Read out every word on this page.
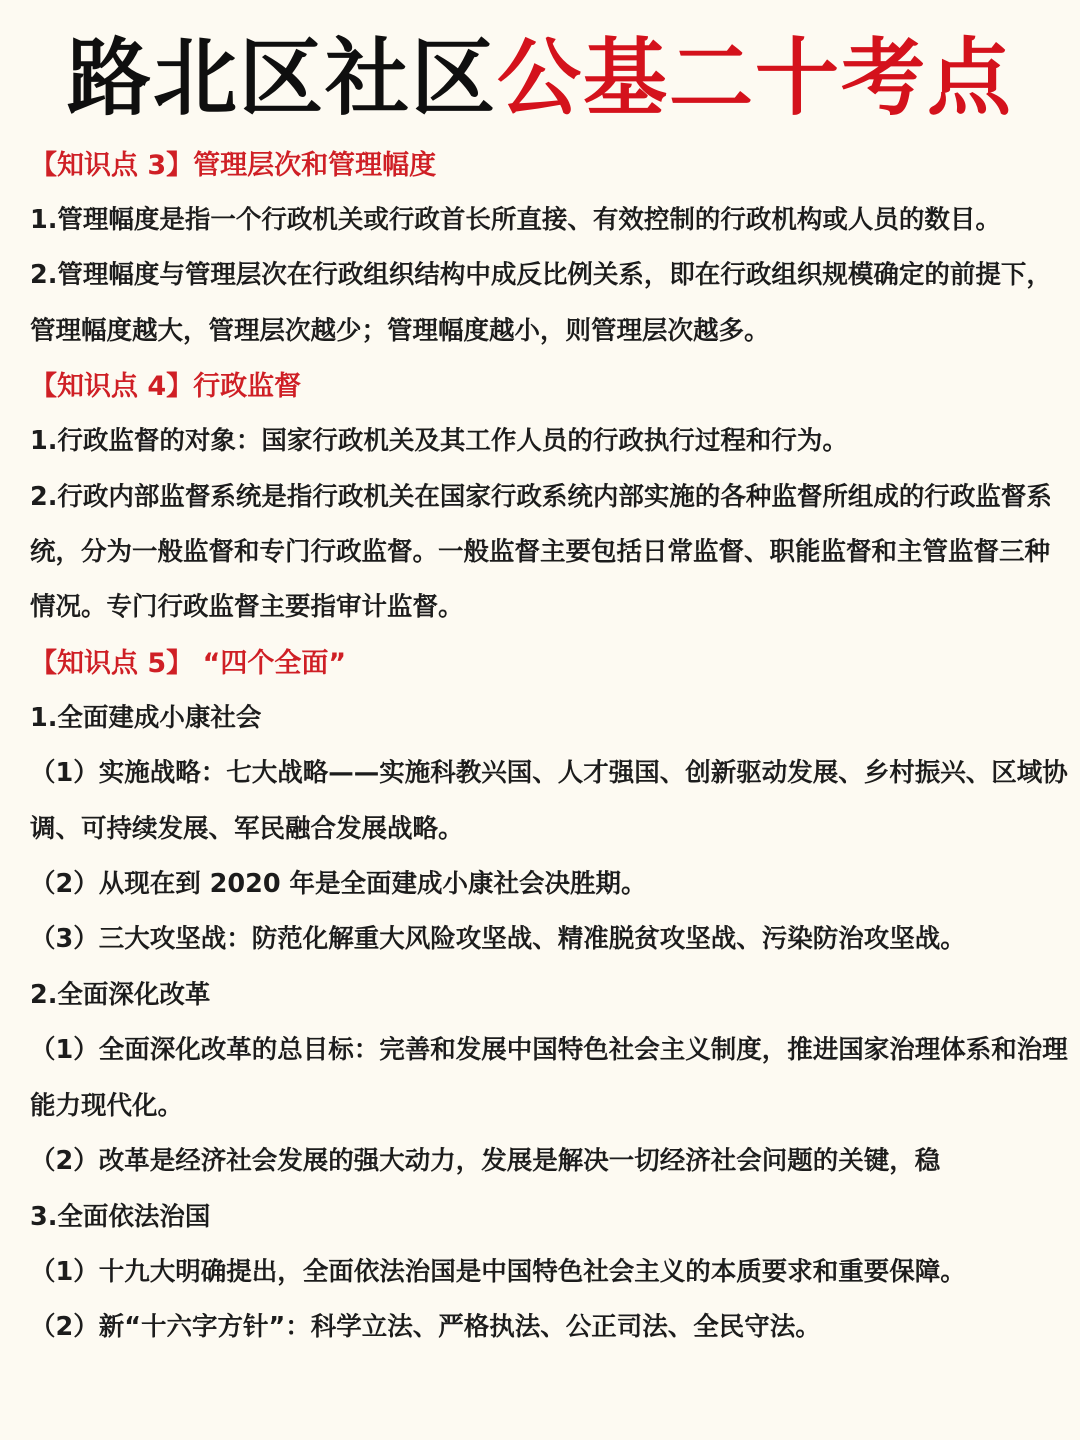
路北区社区公基二十考点
【知识点 3】管理层次和管理幅度
1.管理幅度是指一个行政机关或行政首长所直接、有效控制的行政机构或人员的数目。
2.管理幅度与管理层次在行政组织结构中成反比例关系，即在行政组织规模确定的前提下，管理幅度越大，管理层次越少；管理幅度越小，则管理层次越多。
【知识点 4】行政监督
1.行政监督的对象：国家行政机关及其工作人员的行政执行过程和行为。
2.行政内部监督系统是指行政机关在国家行政系统内部实施的各种监督所组成的行政监督系统，分为一般监督和专门行政监督。一般监督主要包括日常监督、职能监督和主管监督三种情况。专门行政监督主要指审计监督。
【知识点 5】 “四个全面”
1.全面建成小康社会
（1）实施战略：七大战略——实施科教兴国、人才强国、创新驱动发展、乡村振兴、区域协调、可持续发展、军民融合发展战略。
（2）从现在到 2020 年是全面建成小康社会决胜期。
（3）三大攻坚战：防范化解重大风险攻坚战、精准脱贫攻坚战、污染防治攻坚战。
2.全面深化改革
（1）全面深化改革的总目标：完善和发展中国特色社会主义制度，推进国家治理体系和治理能力现代化。
（2）改革是经济社会发展的强大动力，发展是解决一切经济社会问题的关键，稳
3.全面依法治国
（1）十九大明确提出，全面依法治国是中国特色社会主义的本质要求和重要保障。
（2）新“十六字方针”：科学立法、严格执法、公正司法、全民守法。
